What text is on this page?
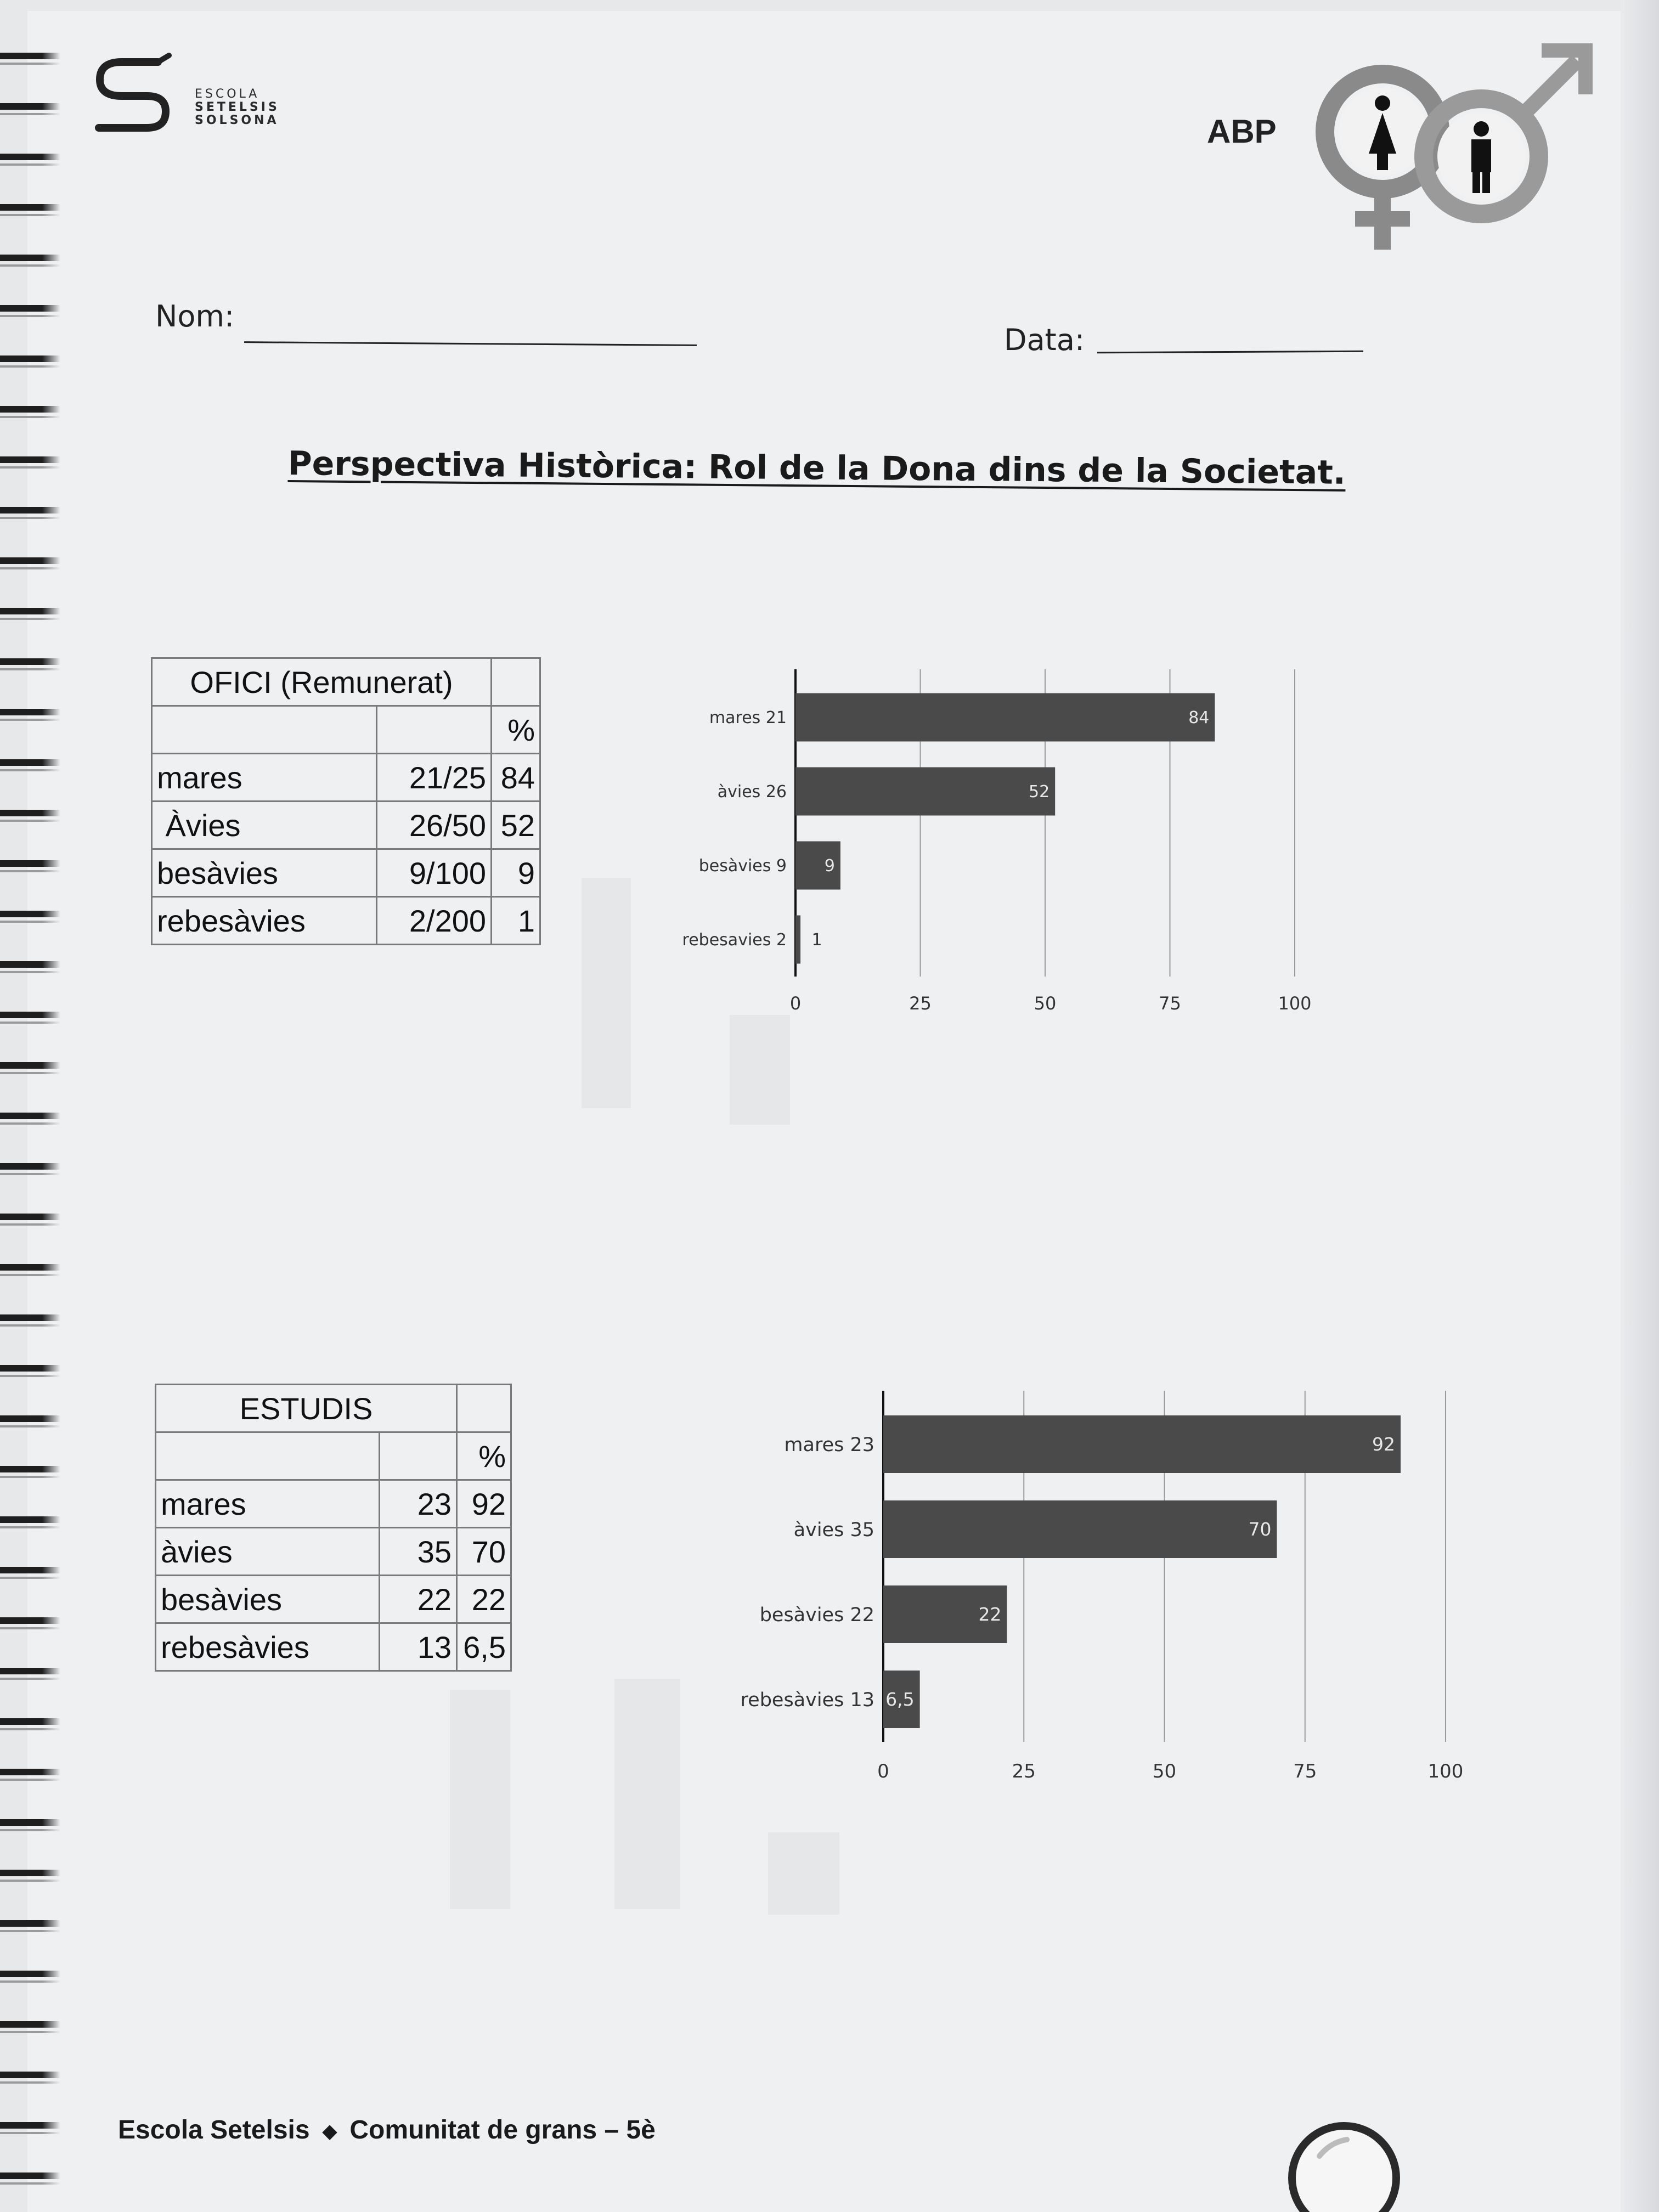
ESCOLA
SETELSIS
SOLSONA	ABP
Nom:
Data:
Perspectiva Històrica: Rol de la Dona dins de la Societat.
OFICI (Remunerat)		
		%
mares	21/25	84
Àvies	26/50	52
besàvies	9/100	9
rebesàvies	2/200	1
ESTUDIS		
		%
mares	23	92
àvies	35	70
besàvies	22	22
rebesàvies	13	6,5
0	25	50	75	100
mares 21	84
àvies 26	52
besàvies 9 9
rebesavies 2 1
0	25	50	75	100
mares 23	92
àvies 35	70
besàvies 22	22
rebesàvies 13 6,5
Escola Setelsis ◆ Comunitat de grans – 5è
